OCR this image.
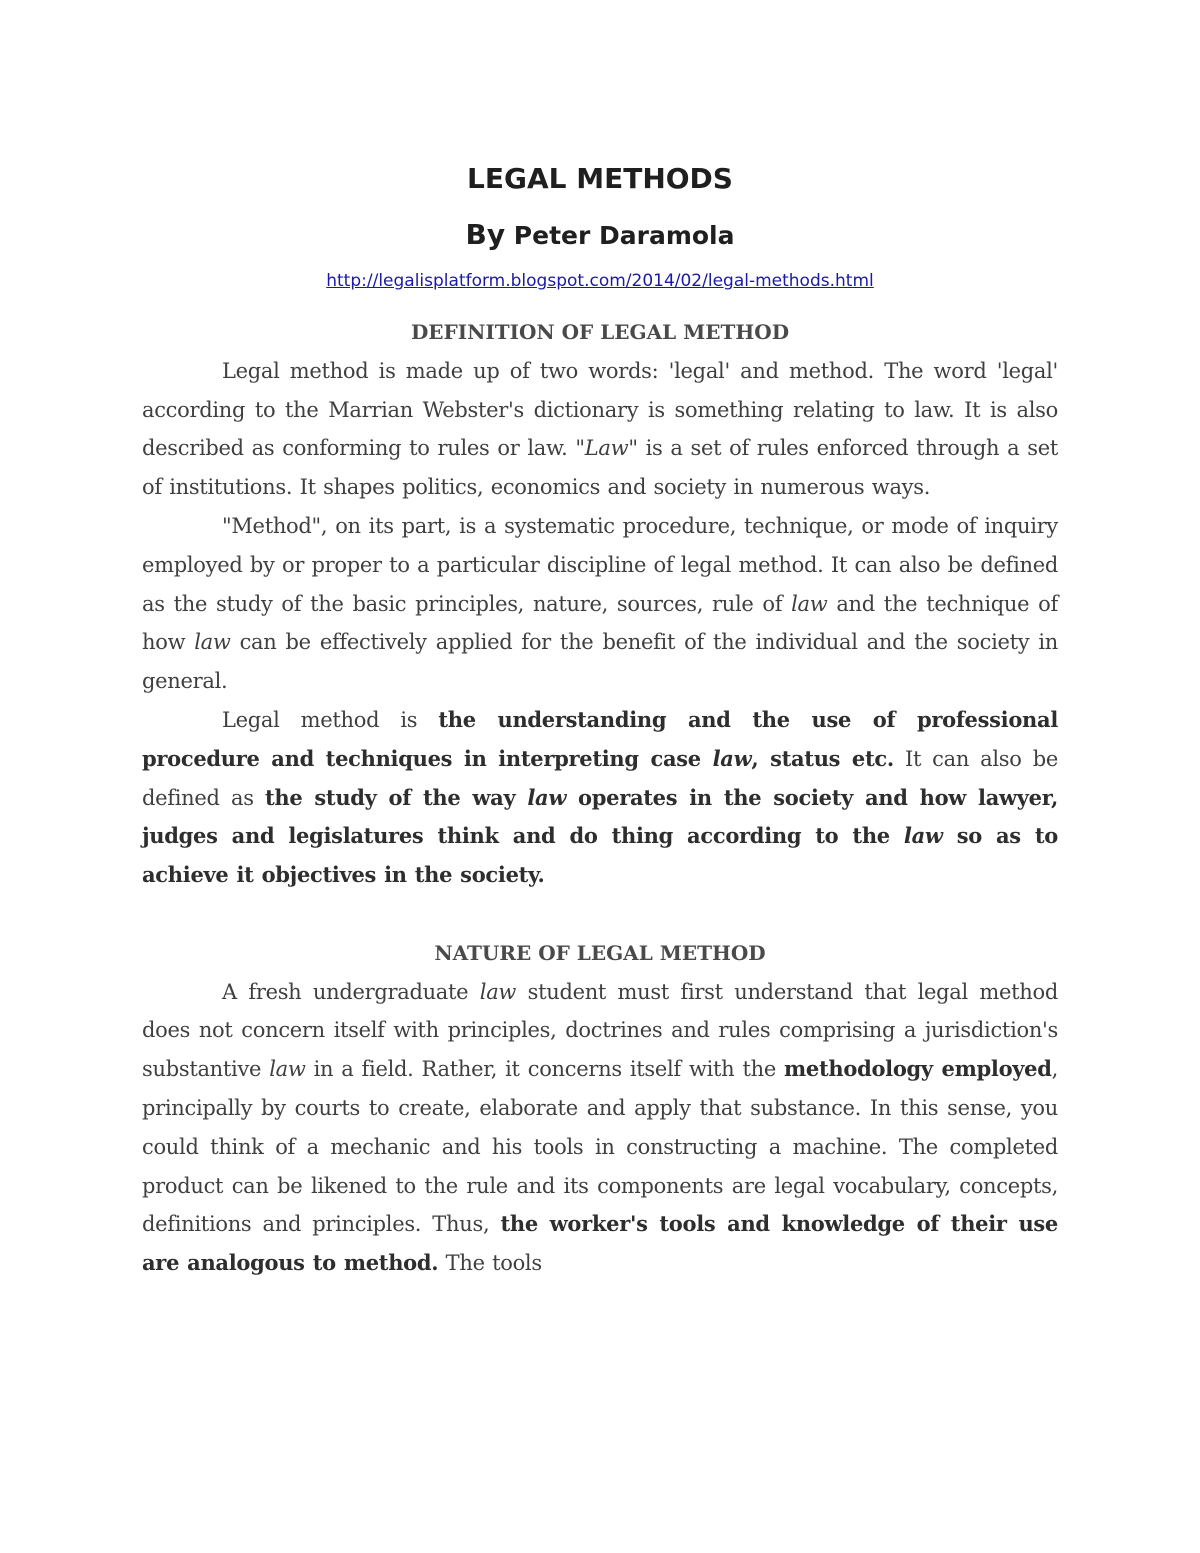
LEGAL METHODS
By Peter Daramola
http://legalisplatform.blogspot.com/2014/02/legal-methods.html
DEFINITION OF LEGAL METHOD

Legal method is made up of two words: 'legal' and method. The word 'legal' according to the Marrian Webster's dictionary is something relating to law. It is also described as conforming to rules or law. "Law" is a set of rules enforced through a set of institutions. It shapes politics, economics and society in numerous ways.

"Method", on its part, is a systematic procedure, technique, or mode of inquiry employed by or proper to a particular discipline of legal method. It can also be defined as the study of the basic principles, nature, sources, rule of law and the technique of how law can be effectively applied for the benefit of the individual and the society in general.

Legal method is the understanding and the use of professional procedure and techniques in interpreting case law, status etc. It can also be defined as the study of the way law operates in the society and how lawyer, judges and legislatures think and do thing according to the law so as to achieve it objectives in the society.

NATURE OF LEGAL METHOD

A fresh undergraduate law student must first understand that legal method does not concern itself with principles, doctrines and rules comprising a jurisdiction's substantive law in a field. Rather, it concerns itself with the methodology employed, principally by courts to create, elaborate and apply that substance. In this sense, you could think of a mechanic and his tools in constructing a machine. The completed product can be likened to the rule and its components are legal vocabulary, concepts, definitions and principles. Thus, the worker's tools and knowledge of their use are analogous to method. The tools
